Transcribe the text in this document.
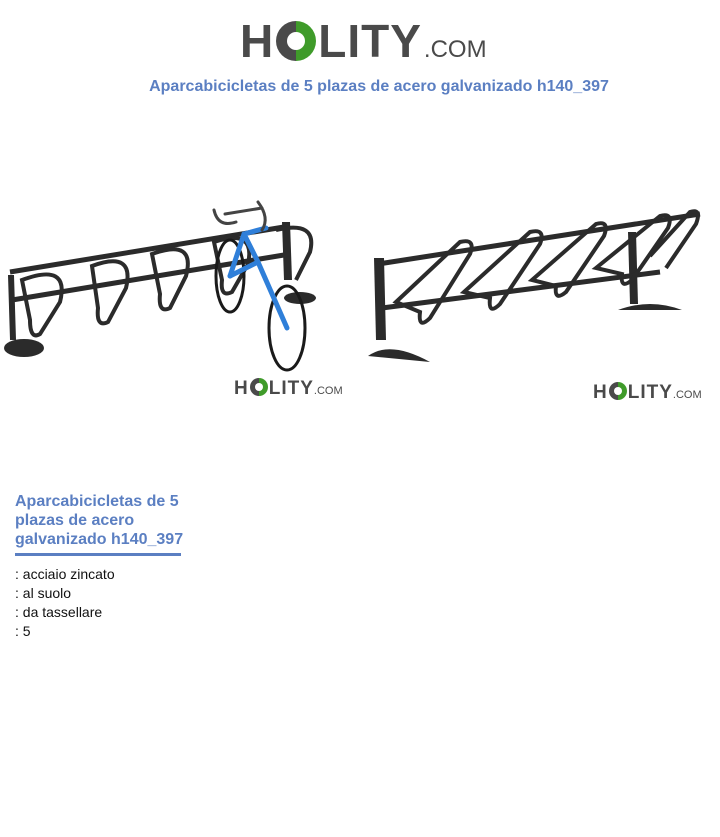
H LITY .COM
Aparcabicicletas de 5 plazas de acero galvanizado h140_397
H LITY .COM	H LITY .COM
Aparcabicicletas de 5 plazas de acero galvanizado h140_397
: acciaio zincato
: al suolo
: da tassellare
: 5
